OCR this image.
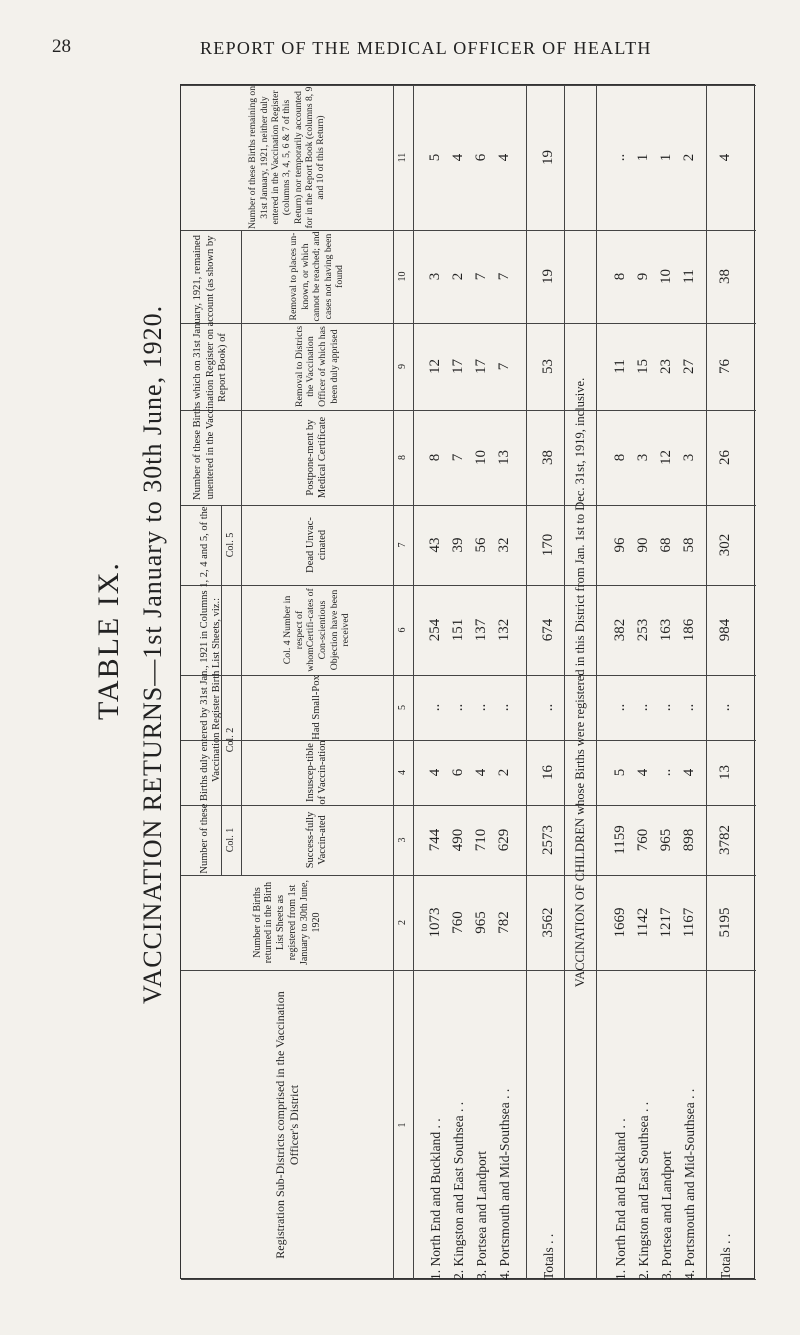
28	REPORT OF THE MEDICAL OFFICER OF HEALTH
TABLE IX. VACCINATION RETURNS—1st January to 30th June, 1920.
Number of these Births remaining on 31st January, 1921, neither duly entered in the Vaccination Register (columns 3, 4, 5, 6 & 7 of this Return) nor temporarily accounted for in the Report Book (columns 8, 9 and 10 of this Return)
Removal to places un-known, or which cannot be reached; and cases not having been found
Removal to Districts the Vaccination Officer of which has been duly apprised
Postpone-ment by Medical Certificate
Number of these Births which on 31st January, 1921, remained unentered in the Vaccination Register on account (as shown by Report Book) of
Dead Unvac-cinated
Col. 4 Number in respect of whomCertifi-cates of Con-scientious Objection have been received
Had Small-Pox
Insuscep-tible of Vaccin-ation
Success-fully Vaccin-ated
Number of these Births duly entered by 31st Jan., 1921 in Columns 1, 2, 4 and 5, of the Vaccination Register Birth List Sheets, viz.:
Number of Births returned in the Birth List Sheets as registered from 1st January to 30th June, 1920
Registration Sub-Districts comprised in the Vaccination Officer's District
Col. 1
Col. 2
Col. 5
11
10
9
8
7
6
5
4
3
2
1
5
3
12
8
43
254
..
4
744
1073
1. North End and Buckland . .
4
2
17
7
39
151
..
6
490
760
2. Kingston and East Southsea . .
6
7
17
10
56
137
..
4
710
965
3. Portsea and Landport
4
7
7
13
32
132
..
2
629
782
4. Portsmouth and Mid-Southsea . .
19
19
53
38
170
674
..
16
2573
3562
Totals . .
VACCINATION OF CHILDREN whose Births were registered in this District from Jan. 1st to Dec. 31st, 1919, inclusive.
..
8
11
8
96
382
..
5
1159
1669
1. North End and Buckland . .
1
9
15
3
90
253
..
4
760
1142
2. Kingston and East Southsea . .
1
10
23
12
68
163
..
..
965
1217
3. Portsea and Landport
2
11
27
3
58
186
..
4
898
1167
4. Portsmouth and Mid-Southsea . .
4
38
76
26
302
984
..
13
3782
5195
Totals . .
